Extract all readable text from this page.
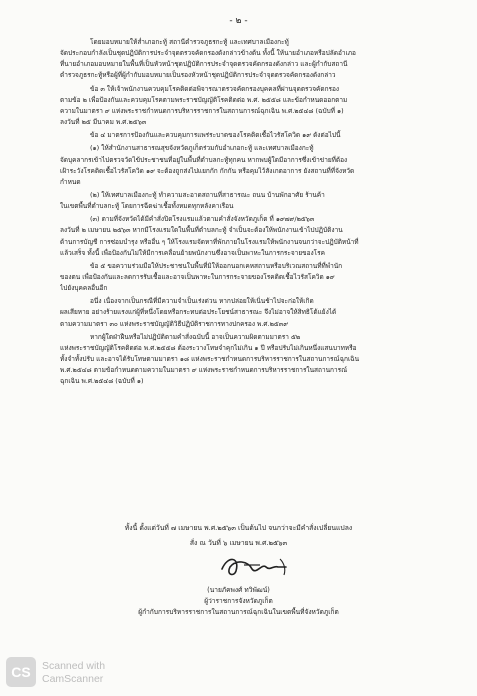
- ๒ -
โดยมอบหมายให้ส่ำเภอกะทู้ สถานีตำรวจภูธรกะทู้ และเทศบาลเมืองกะทู้
จัดประกอบกำลังเป็นชุดปฏิบัติการประจำจุดตรวจคัดกรองดังกล่าวข้างต้น ทั้งนี้ ให้นายอำเภอหรือปลัดอำเภอ
ที่นายอำเภอมอบหมายในพื้นที่เป็นหัวหน้าชุดปฏิบัติการประจำจุดตรวจคัดกรองดังกล่าว และผู้กำกับสถานี
ตำรวจภูธรกะทู้หรือผู้ที่ผู้กำกับมอบหมายเป็นรองหัวหน้าชุดปฏิบัติการประจำจุดตรวจคัดกรองดังกล่าว
ข้อ ๓ ให้เจ้าพนักงานควบคุมโรคติดต่อพิจารณาตรวจคัดกรองบุคคลที่ผ่านจุดตรวจคัดกรอง
ตามข้อ ๒ เพื่อป้องกันและควบคุมโรคตามพระราชบัญญัติโรคติดต่อ พ.ศ. ๒๕๕๘ และข้อกำหนดออกตาม
ความในมาตรา ๙ แห่งพระราชกำหนดการบริหารราชการในสถานการณ์ฉุกเฉิน พ.ศ.๒๕๔๘ (ฉบับที่ ๑)
ลงวันที่ ๒๕ มีนาคม พ.ศ.๒๕๖๓
ข้อ ๔ มาตรการป้องกันและควบคุมการแพร่ระบาดของโรคติดเชื้อไวรัสโควิด ๑๙ ดังต่อไปนี้
(๑) ให้สำนักงานสาธารณสุขจังหวัดภูเก็ตร่วมกับอำเภอกะทู้ และเทศบาลเมืองกะทู้
จัดบุคลากรเข้าไปตรวจวัดไข้ประชาชนที่อยู่ในพื้นที่ตำบลกะทู้ทุกคน หากพบผู้ใดมีอาการซึ่งเข้าข่ายที่ต้อง
เฝ้าระวังโรคติดเชื้อไวรัสโควิด ๑๙ จะต้องถูกส่งไปแยกกัก กักกัน หรือคุมไว้สังเกตอาการ ยังสถานที่ที่จังหวัด
กำหนด
(๒) ให้เทศบาลเมืองกะทู้ ทำความสะอาดสถานที่สาธารณะ ถนน บ้านพักอาศัย ร้านค้า
ในเขตพื้นที่ตำบลกะทู้ โดยการฉีดฆ่าเชื้อทั้งหมดทุกหลังคาเรือน
(๓) ตามที่จังหวัดได้มีคำสั่งปิดโรงแรมแล้วตามคำสั่งจังหวัดภูเก็ต ที่ ๑๙๗๙/๒๕๖๓
ลงวันที่ ๒ เมษายน ๒๕๖๓ หากมีโรงแรมใดในพื้นที่ตำบลกะทู้ จำเป็นจะต้องให้พนักงานเข้าไปปฏิบัติงาน
ด้านการบัญชี การซ่อมบำรุง หรืออื่น ๆ ให้โรงแรมจัดหาที่พักภายในโรงแรมให้พนักงานจนกว่าจะปฏิบัติหน้าที่
แล้วเสร็จ ทั้งนี้ เพื่อป้องกันไม่ให้มีการเคลื่อนย้ายพนักงานซึ่งอาจเป็นพาหะในการกระจายของโรค
ข้อ ๕ ขอความร่วมมือให้ประชาชนในพื้นที่มิให้ออกนอกเคหสถานหรือบริเวณสถานที่ที่พำนัก
ของตน เพื่อป้องกันและลดการรับเชื้อและอาจเป็นพาหะในการกระจายของโรคติดเชื้อไวรัสโควิด ๑๙
ไปยังบุคคลอื่นอีก
อนึ่ง เนื่องจากเป็นกรณีที่มีความจำเป็นเร่งด่วน หากปล่อยให้เนิ่นช้าไปจะก่อให้เกิด
ผลเสียหาย อย่างร้ายแรงแก่ผู้ที่หนึ่งโดยหรือกระทบต่อประโยชน์สาธารณะ จึงไม่อาจให้สิทธิโต้แย้งได้
ตามความมาตรา ๓๐ แห่งพระราชบัญญัติวิธีปฏิบัติราชการทางปกครอง พ.ศ.๒๕๓๙
หากผู้ใดฝ่าฝืนหรือไม่ปฏิบัติตามคำสั่งฉบับนี้ อาจเป็นความผิดตามมาตรา ๕๒
แห่งพระราชบัญญัติโรคติดต่อ พ.ศ.๒๕๕๘ ต้องระวางโทษจำคุกไม่เกิน ๑ ปี หรือปรับไม่เกินหนึ่งแสนบาทหรือ
ทั้งจำทั้งปรับ และอาจได้รับโทษตามมาตรา ๑๘ แห่งพระราชกำหนดการบริหารราชการในสถานการณ์ฉุกเฉิน
พ.ศ.๒๕๔๘ ตามข้อกำหนดตามความในมาตรา ๙ แห่งพระราชกำหนดการบริหารราชการในสถานการณ์
ฉุกเฉิน พ.ศ.๒๕๔๘ (ฉบับที่ ๑)
ทั้งนี้ ตั้งแต่วันที่ ๗ เมษายน พ.ศ.๒๕๖๓ เป็นต้นไป จนกว่าจะมีคำสั่งเปลี่ยนแปลง
สั่ง ณ วันที่ ๖ เมษายน พ.ศ.๒๕๖๓
(นายภัคพงศ์ ทวิพัฒน์)
ผู้ว่าราชการจังหวัดภูเก็ต
ผู้กำกับการบริหารราชการในสถานการณ์ฉุกเฉินในเขตพื้นที่จังหวัดภูเก็ต
CS	Scanned with
CamScanner
